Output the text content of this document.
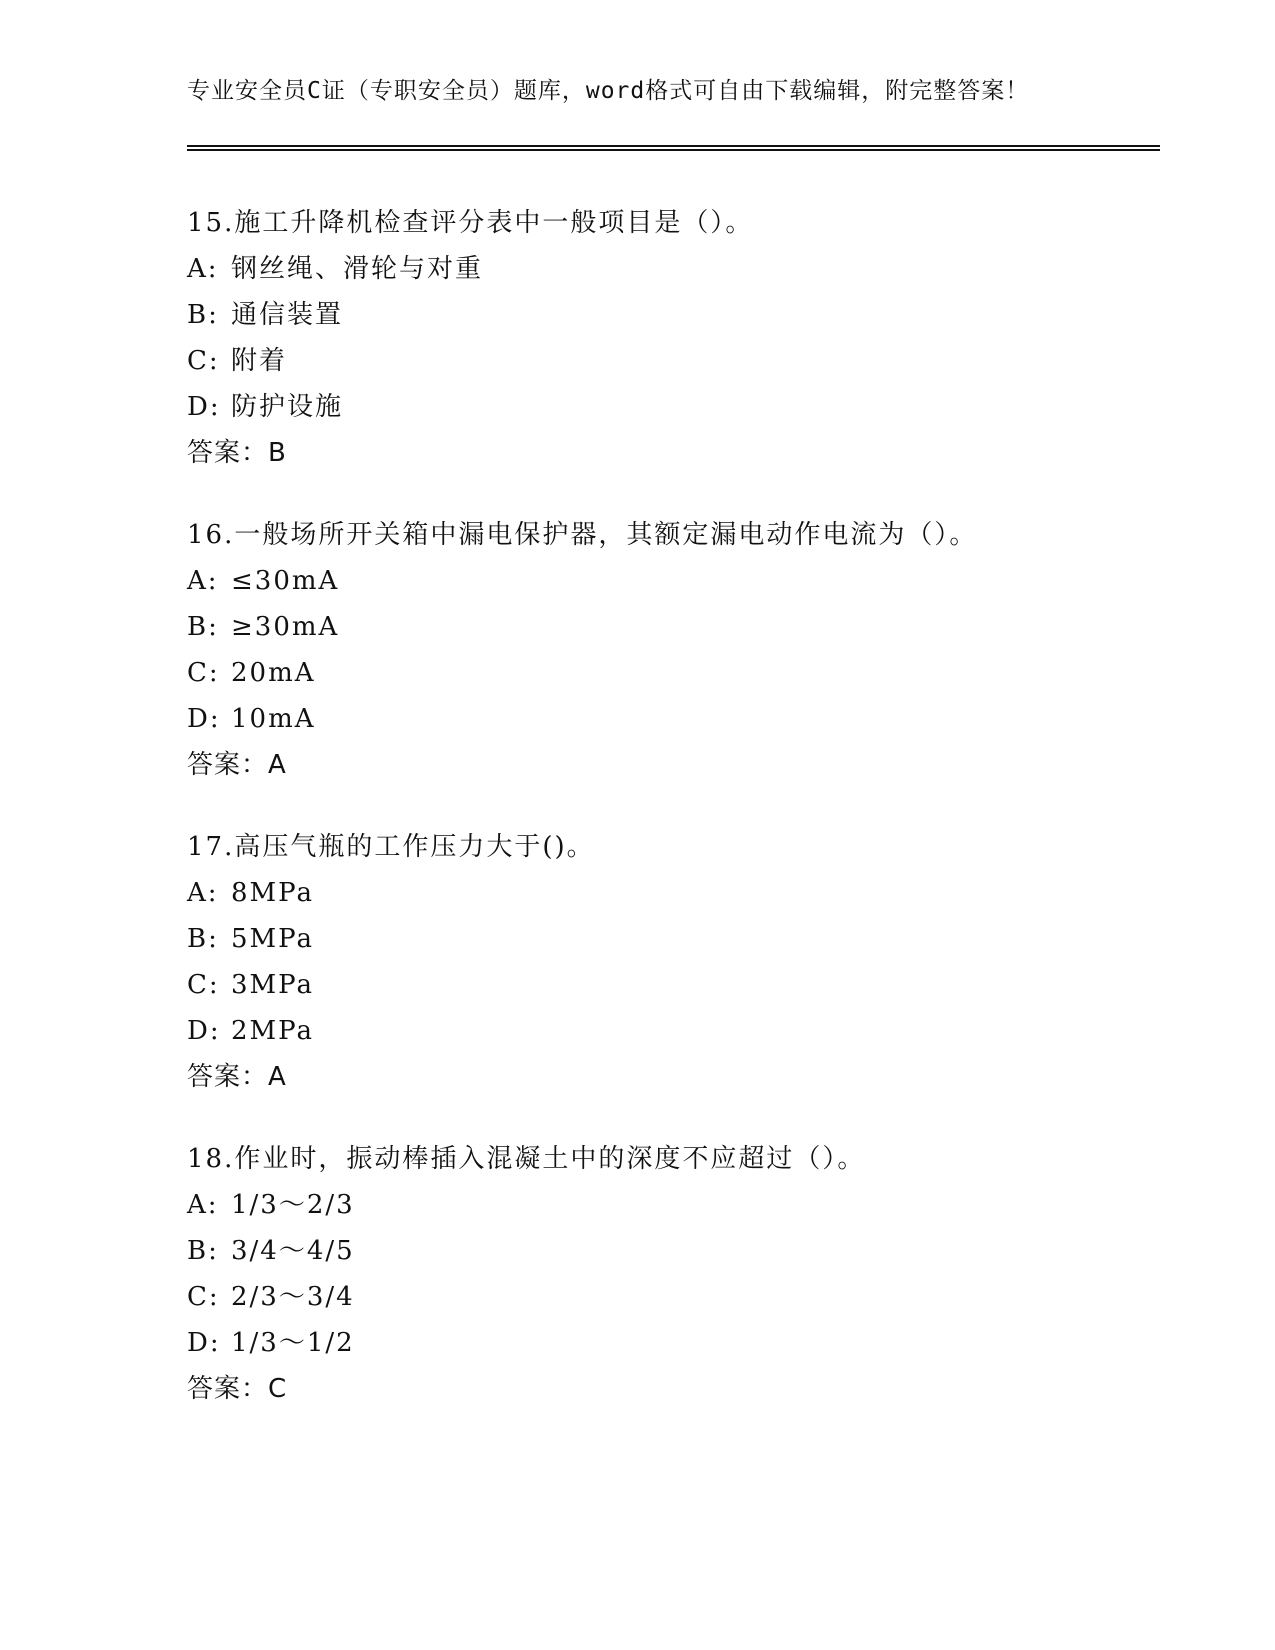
专业安全员C证（专职安全员）题库，word格式可自由下载编辑，附完整答案！
15.施工升降机检查评分表中一般项目是（）。
A: 钢丝绳、滑轮与对重
B: 通信装置
C: 附着
D: 防护设施
答案：B
16.一般场所开关箱中漏电保护器，其额定漏电动作电流为（）。
A: ≤30mA
B: ≥30mA
C: 20mA
D: 10mA
答案：A
17.高压气瓶的工作压力大于()。
A: 8MPa
B: 5MPa
C: 3MPa
D: 2MPa
答案：A
18.作业时，振动棒插入混凝土中的深度不应超过（）。
A: 1/3～2/3
B: 3/4～4/5
C: 2/3～3/4
D: 1/3～1/2
答案：C
